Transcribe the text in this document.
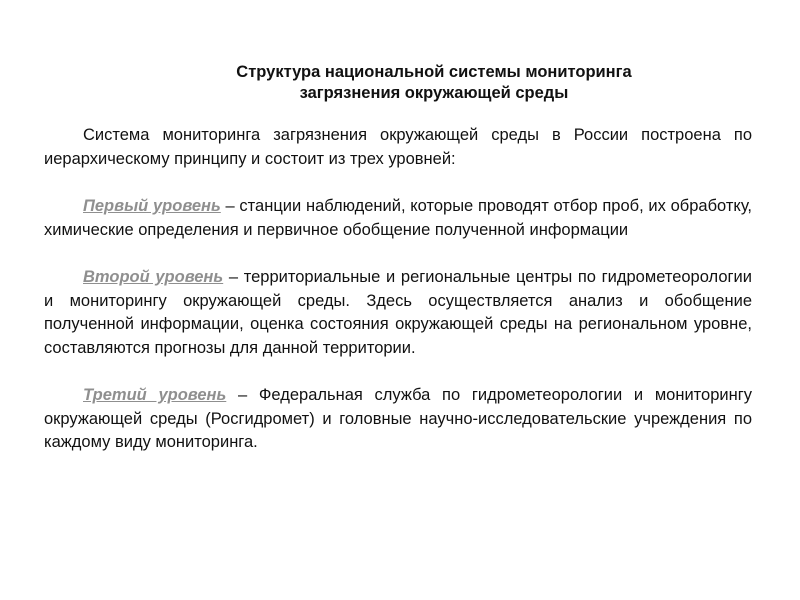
Структура национальной системы мониторинга
загрязнения окружающей среды

Система мониторинга загрязнения окружающей среды в России построена по иерархическому принципу и состоит из трех уровней:

Первый уровень – станции наблюдений, которые проводят отбор проб, их обработку, химические определения и первичное обобщение полученной информации

Второй уровень – территориальные и региональные центры по гидрометеорологии и мониторингу окружающей среды. Здесь осуществляется анализ и обобщение полученной информации, оценка состояния окружающей среды на региональном уровне, составляются прогнозы для данной территории.

Третий уровень – Федеральная служба по гидрометеорологии и мониторингу окружающей среды (Росгидромет) и головные научно-исследовательские учреждения по каждому виду мониторинга.
